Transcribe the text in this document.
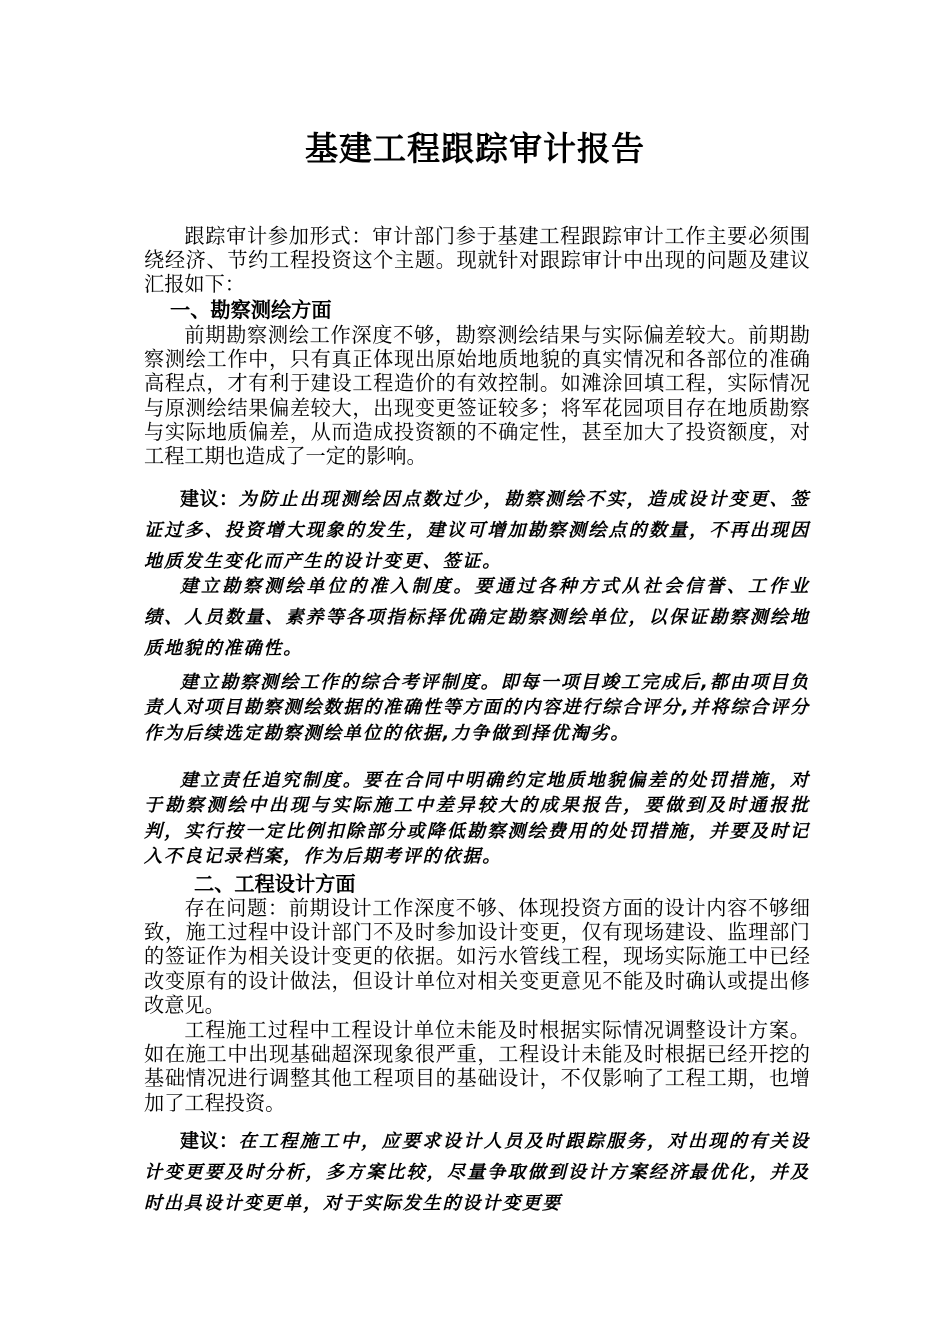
基建工程跟踪审计报告

跟踪审计参加形式：审计部门参于基建工程跟踪审计工作主要必须围绕经济、节约工程投资这个主题。现就针对跟踪审计中出现的问题及建议汇报如下：

一、勘察测绘方面

前期勘察测绘工作深度不够，勘察测绘结果与实际偏差较大。前期勘察测绘工作中，只有真正体现出原始地质地貌的真实情况和各部位的准确高程点，才有利于建设工程造价的有效控制。如滩涂回填工程，实际情况与原测绘结果偏差较大，出现变更签证较多；将军花园项目存在地质勘察与实际地质偏差，从而造成投资额的不确定性，甚至加大了投资额度，对工程工期也造成了一定的影响。

建议：为防止出现测绘因点数过少，勘察测绘不实，造成设计变更、签证过多、投资增大现象的发生，建议可增加勘察测绘点的数量，不再出现因地质发生变化而产生的设计变更、签证。

建立勘察测绘单位的准入制度。要通过各种方式从社会信誉、工作业绩、人员数量、素养等各项指标择优确定勘察测绘单位，以保证勘察测绘地质地貌的准确性。

建立勘察测绘工作的综合考评制度。即每一项目竣工完成后,都由项目负责人对项目勘察测绘数据的准确性等方面的内容进行综合评分,并将综合评分作为后续选定勘察测绘单位的依据,力争做到择优淘劣。

建立责任追究制度。要在合同中明确约定地质地貌偏差的处罚措施，对于勘察测绘中出现与实际施工中差异较大的成果报告，要做到及时通报批判，实行按一定比例扣除部分或降低勘察测绘费用的处罚措施，并要及时记入不良记录档案，作为后期考评的依据。

二、工程设计方面

存在问题：前期设计工作深度不够、体现投资方面的设计内容不够细致，施工过程中设计部门不及时参加设计变更，仅有现场建设、监理部门的签证作为相关设计变更的依据。如污水管线工程，现场实际施工中已经改变原有的设计做法，但设计单位对相关变更意见不能及时确认或提出修改意见。

工程施工过程中工程设计单位未能及时根据实际情况调整设计方案。如在施工中出现基础超深现象很严重，工程设计未能及时根据已经开挖的基础情况进行调整其他工程项目的基础设计，不仅影响了工程工期，也增加了工程投资。

建议：在工程施工中，应要求设计人员及时跟踪服务，对出现的有关设计变更要及时分析，多方案比较，尽量争取做到设计方案经济最优化，并及时出具设计变更单，对于实际发生的设计变更要
